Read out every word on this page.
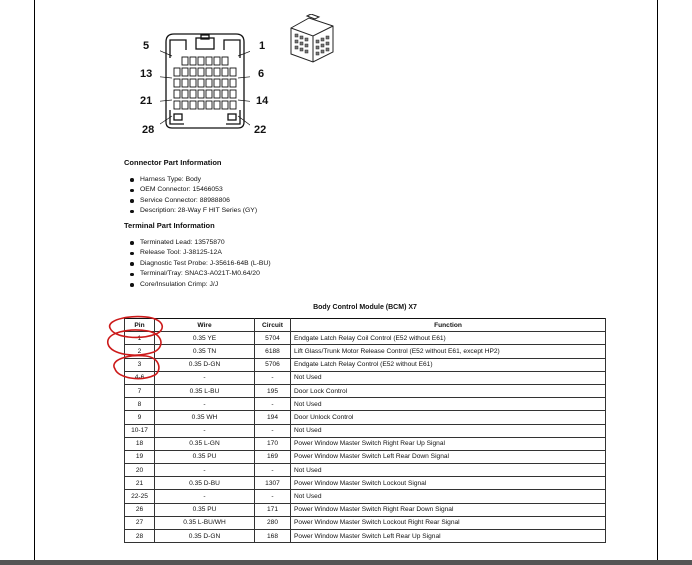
5	1
13	6
21	14
28	22
Connector Part Information
Harness Type: Body
OEM Connector: 15466053
Service Connector: 88988806
Description: 28-Way F HIT Series (GY)
Terminal Part Information
Terminated Lead: 13575870
Release Tool: J-38125-12A
Diagnostic Test Probe: J-35616-64B (L-BU)
Terminal/Tray: SNAC3-A021T-M0.64/20
Core/Insulation Crimp: J/J
Body Control Module (BCM) X7
Pin	Wire	Circuit	Function
1	0.35 YE	5704	Endgate Latch Relay Coil Control (E52 without E61)
2	0.35 TN	6188	Lift Glass/Trunk Motor Release Control (E52 without E61, except HP2)
3	0.35 D-GN	5706	Endgate Latch Relay Control (E52 without E61)
4-6	-	-	Not Used
7	0.35 L-BU	195	Door Lock Control
8	-	-	Not Used
9	0.35 WH	194	Door Unlock Control
10-17	-	-	Not Used
18	0.35 L-GN	170	Power Window Master Switch Right Rear Up Signal
19	0.35 PU	169	Power Window Master Switch Left Rear Down Signal
20	-	-	Not Used
21	0.35 D-BU	1307	Power Window Master Switch Lockout Signal
22-25	-	-	Not Used
26	0.35 PU	171	Power Window Master Switch Right Rear Down Signal
27	0.35 L-BU/WH	280	Power Window Master Switch Lockout Right Rear Signal
28	0.35 D-GN	168	Power Window Master Switch Left Rear Up Signal
